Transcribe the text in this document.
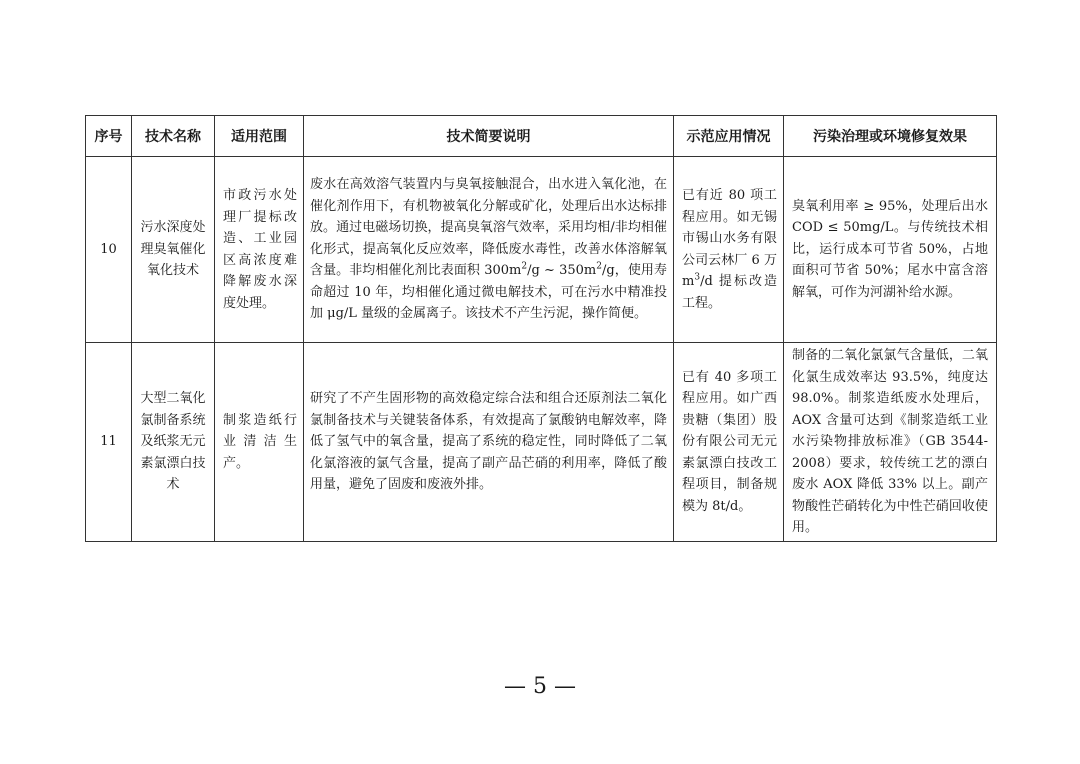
序号	技术名称	适用范围	技术简要说明	示范应用情况	污染治理或环境修复效果
10	污水深度处理臭氧催化氧化技术	市政污水处理厂提标改造、工业园区高浓度难降解废水深度处理。	废水在高效溶气装置内与臭氧接触混合，出水进入氧化池，在催化剂作用下，有机物被氧化分解或矿化，处理后出水达标排放。通过电磁场切换，提高臭氧溶气效率，采用均相/非均相催化形式，提高氧化反应效率，降低废水毒性，改善水体溶解氧含量。非均相催化剂比表面积 $300m^2/g$ ~ $350m^2/g$，使用寿命超过 10 年，均相催化通过微电解技术，可在污水中精准投加 μg/L 量级的金属离子。该技术不产生污泥，操作简便。	已有近 80 项工程应用。如无锡市锡山水务有限公司云林厂 6 万 $m^3/d$ 提标改造工程。	臭氧利用率 ≥ 95%，处理后出水 COD ≤ 50mg/L。与传统技术相比，运行成本可节省 50%，占地面积可节省 50%；尾水中富含溶解氧，可作为河湖补给水源。
11	大型二氧化氯制备系统及纸浆无元素氯漂白技术	制浆造纸行业清洁生产。	研究了不产生固形物的高效稳定综合法和组合还原剂法二氧化氯制备技术与关键装备体系，有效提高了氯酸钠电解效率，降低了氢气中的氧含量，提高了系统的稳定性，同时降低了二氧化氯溶液的氯气含量，提高了副产品芒硝的利用率，降低了酸用量，避免了固废和废液外排。	已有 40 多项工程应用。如广西贵糖（集团）股份有限公司无元素氯漂白技改工程项目，制备规模为 8t/d。	制备的二氧化氯氯气含量低，二氧化氯生成效率达 93.5%，纯度达 98.0%。制浆造纸废水处理后，AOX 含量可达到《制浆造纸工业水污染物排放标准》（GB 3544-2008）要求，较传统工艺的漂白废水 AOX 降低 33% 以上。副产物酸性芒硝转化为中性芒硝回收使用。
— 5 —
